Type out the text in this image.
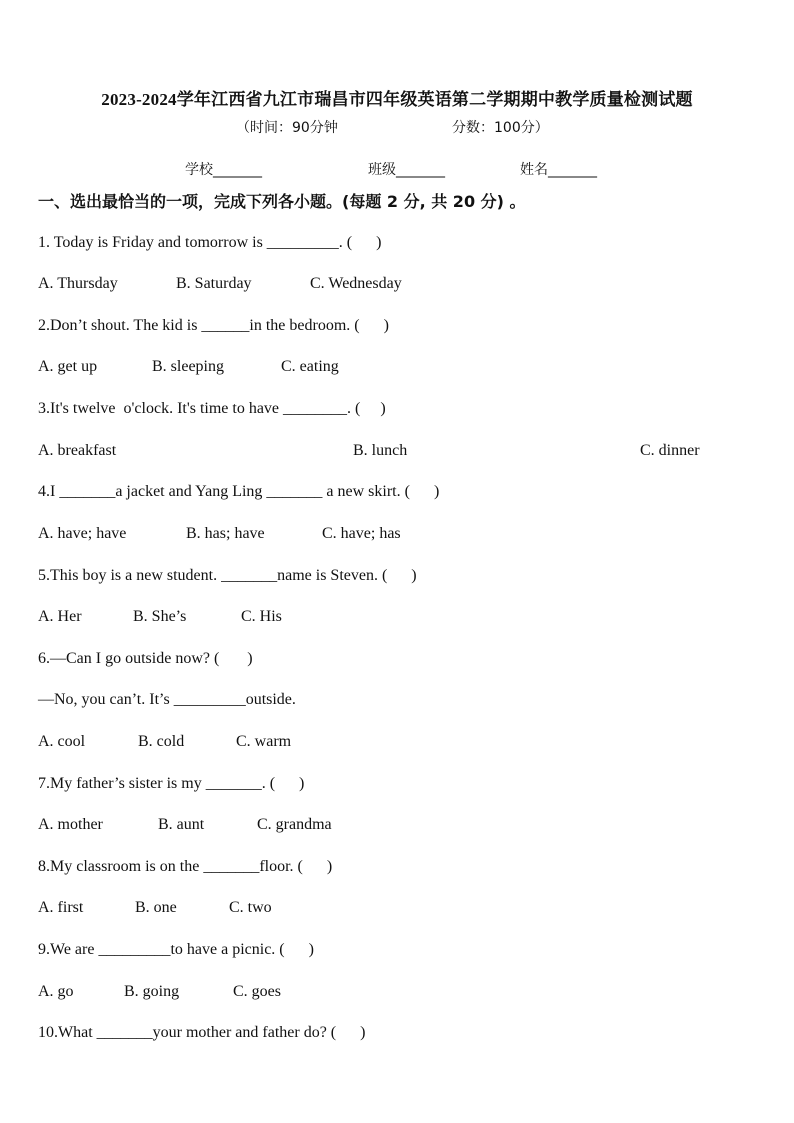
2023-2024学年江西省九江市瑞昌市四年级英语第二学期期中教学质量检测试题
（时间：90分钟	分数：100分）
学校_______	班级_______	姓名_______
一、选出最恰当的一项，完成下列各小题。(每题 2 分, 共 20 分) 。
1. Today is Friday and tomorrow is _________. (      )
A. Thursday	B. Saturday	C. Wednesday
2.Don’t shout. The kid is ______in the bedroom. (      )
A. get up	B. sleeping	C. eating
3.It's twelve  o'clock. It's time to have ________. (     )
A. breakfast	B. lunch	C. dinner
4.I _______a jacket and Yang Ling _______ a new skirt. (      )
A. have; have	B. has; have	C. have; has
5.This boy is a new student. _______name is Steven. (      )
A. Her	B. She’s	C. His
6.—Can I go outside now? (       )
—No, you can’t. It’s _________outside.
A. cool	B. cold	C. warm
7.My father’s sister is my _______. (      )
A. mother	B. aunt	C. grandma
8.My classroom is on the _______floor. (      )
A. first	B. one	C. two
9.We are _________to have a picnic. (      )
A. go	B. going	C. goes
10.What _______your mother and father do? (      )
